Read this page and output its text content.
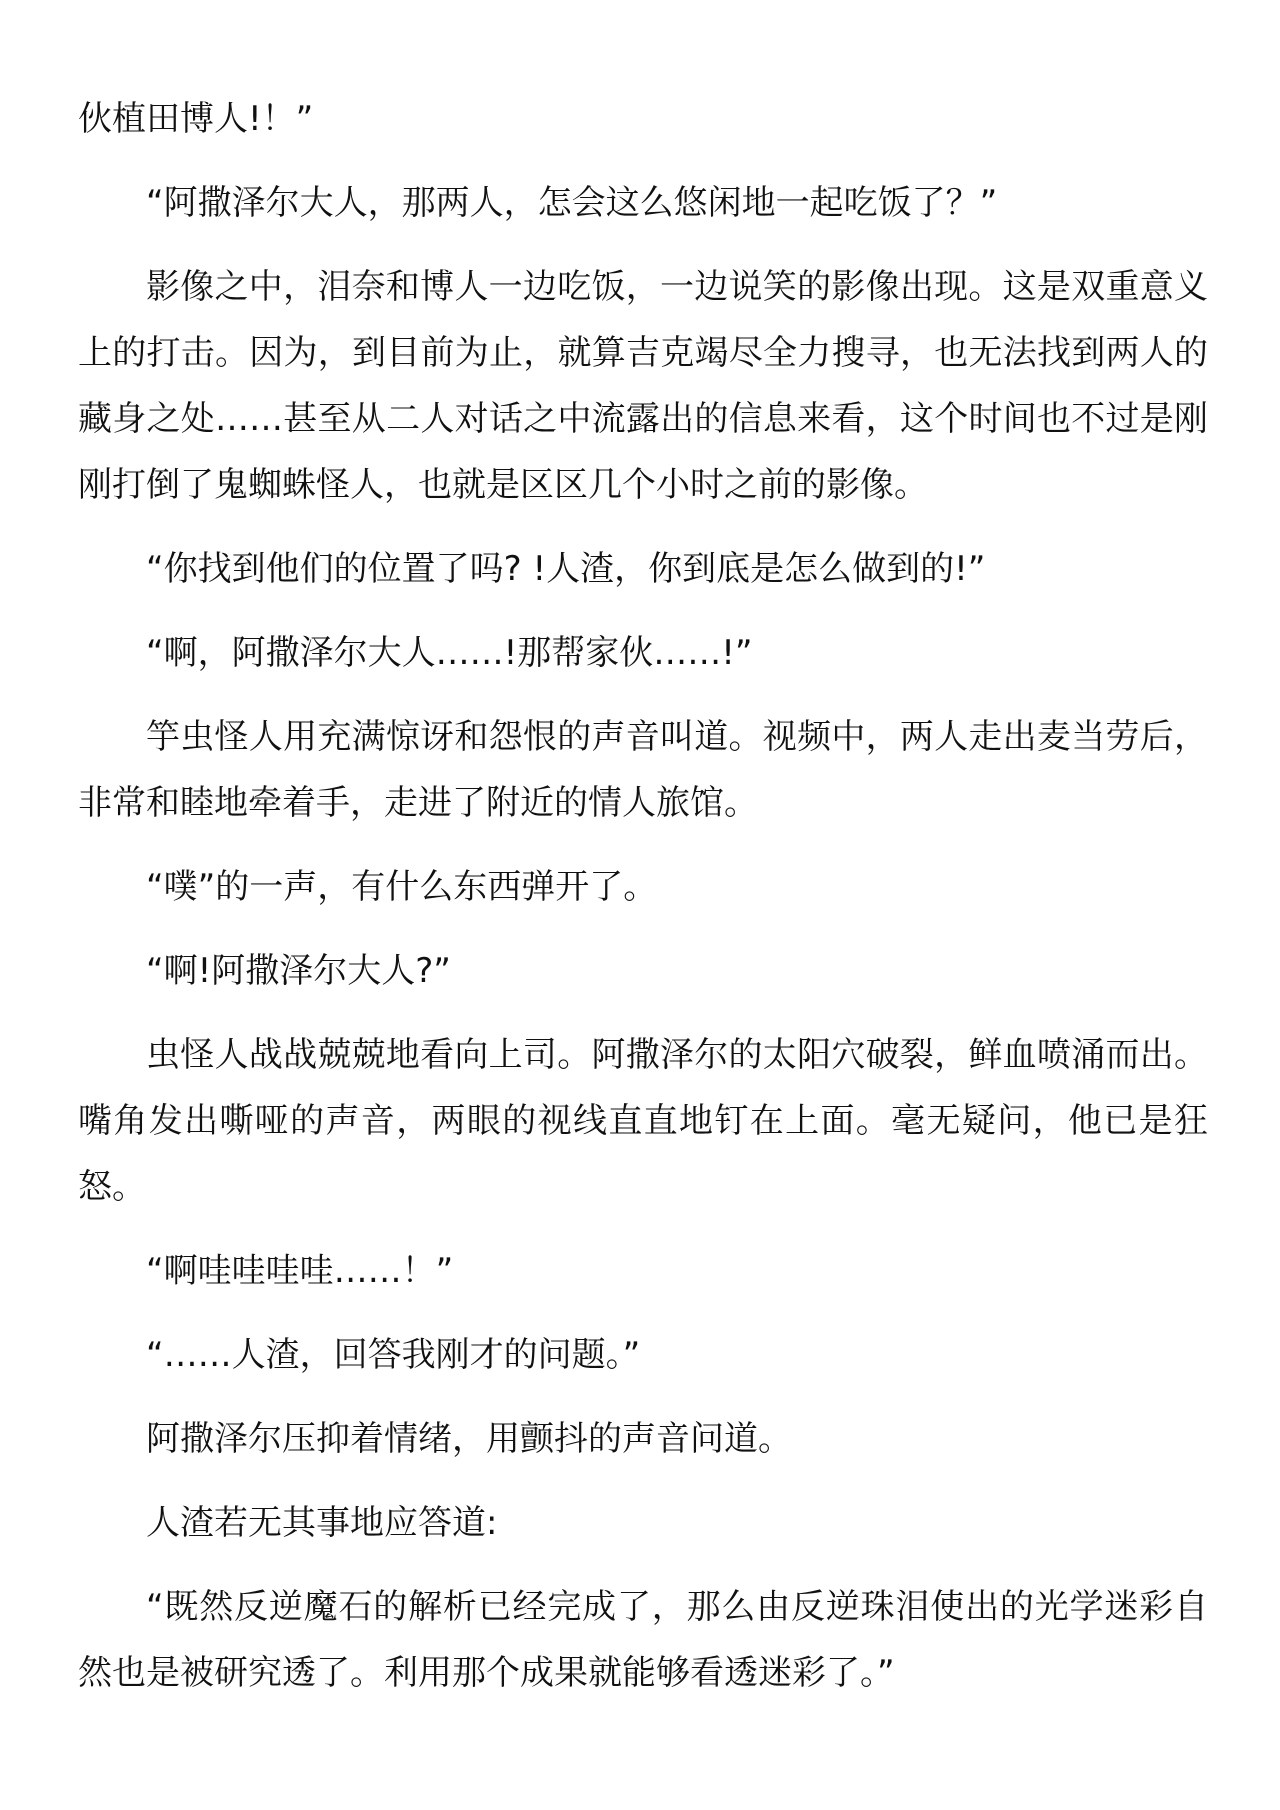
伙植田博人!！”

“阿撒泽尔大人，那两人，怎会这么悠闲地一起吃饭了？”

影像之中，泪奈和博人一边吃饭，一边说笑的影像出现。这是双重意义上的打击。因为，到目前为止，就算吉克竭尽全力搜寻，也无法找到两人的藏身之处……甚至从二人对话之中流露出的信息来看，这个时间也不过是刚刚打倒了鬼蜘蛛怪人，也就是区区几个小时之前的影像。

“你找到他们的位置了吗? !人渣，你到底是怎么做到的!”

“啊，阿撒泽尔大人……!那帮家伙……!”

竽虫怪人用充满惊讶和怨恨的声音叫道。视频中，两人走出麦当劳后，非常和睦地牵着手，走进了附近的情人旅馆。

“噗”的一声，有什么东西弹开了。

“啊!阿撒泽尔大人?”

虫怪人战战兢兢地看向上司。阿撒泽尔的太阳穴破裂，鲜血喷涌而出。嘴角发出嘶哑的声音，两眼的视线直直地钉在上面。毫无疑问，他已是狂怒。

“啊哇哇哇哇……！”

“……人渣，回答我刚才的问题。”

阿撒泽尔压抑着情绪，用颤抖的声音问道。

人渣若无其事地应答道:

“既然反逆魔石的解析已经完成了，那么由反逆珠泪使出的光学迷彩自然也是被研究透了。利用那个成果就能够看透迷彩了。”
